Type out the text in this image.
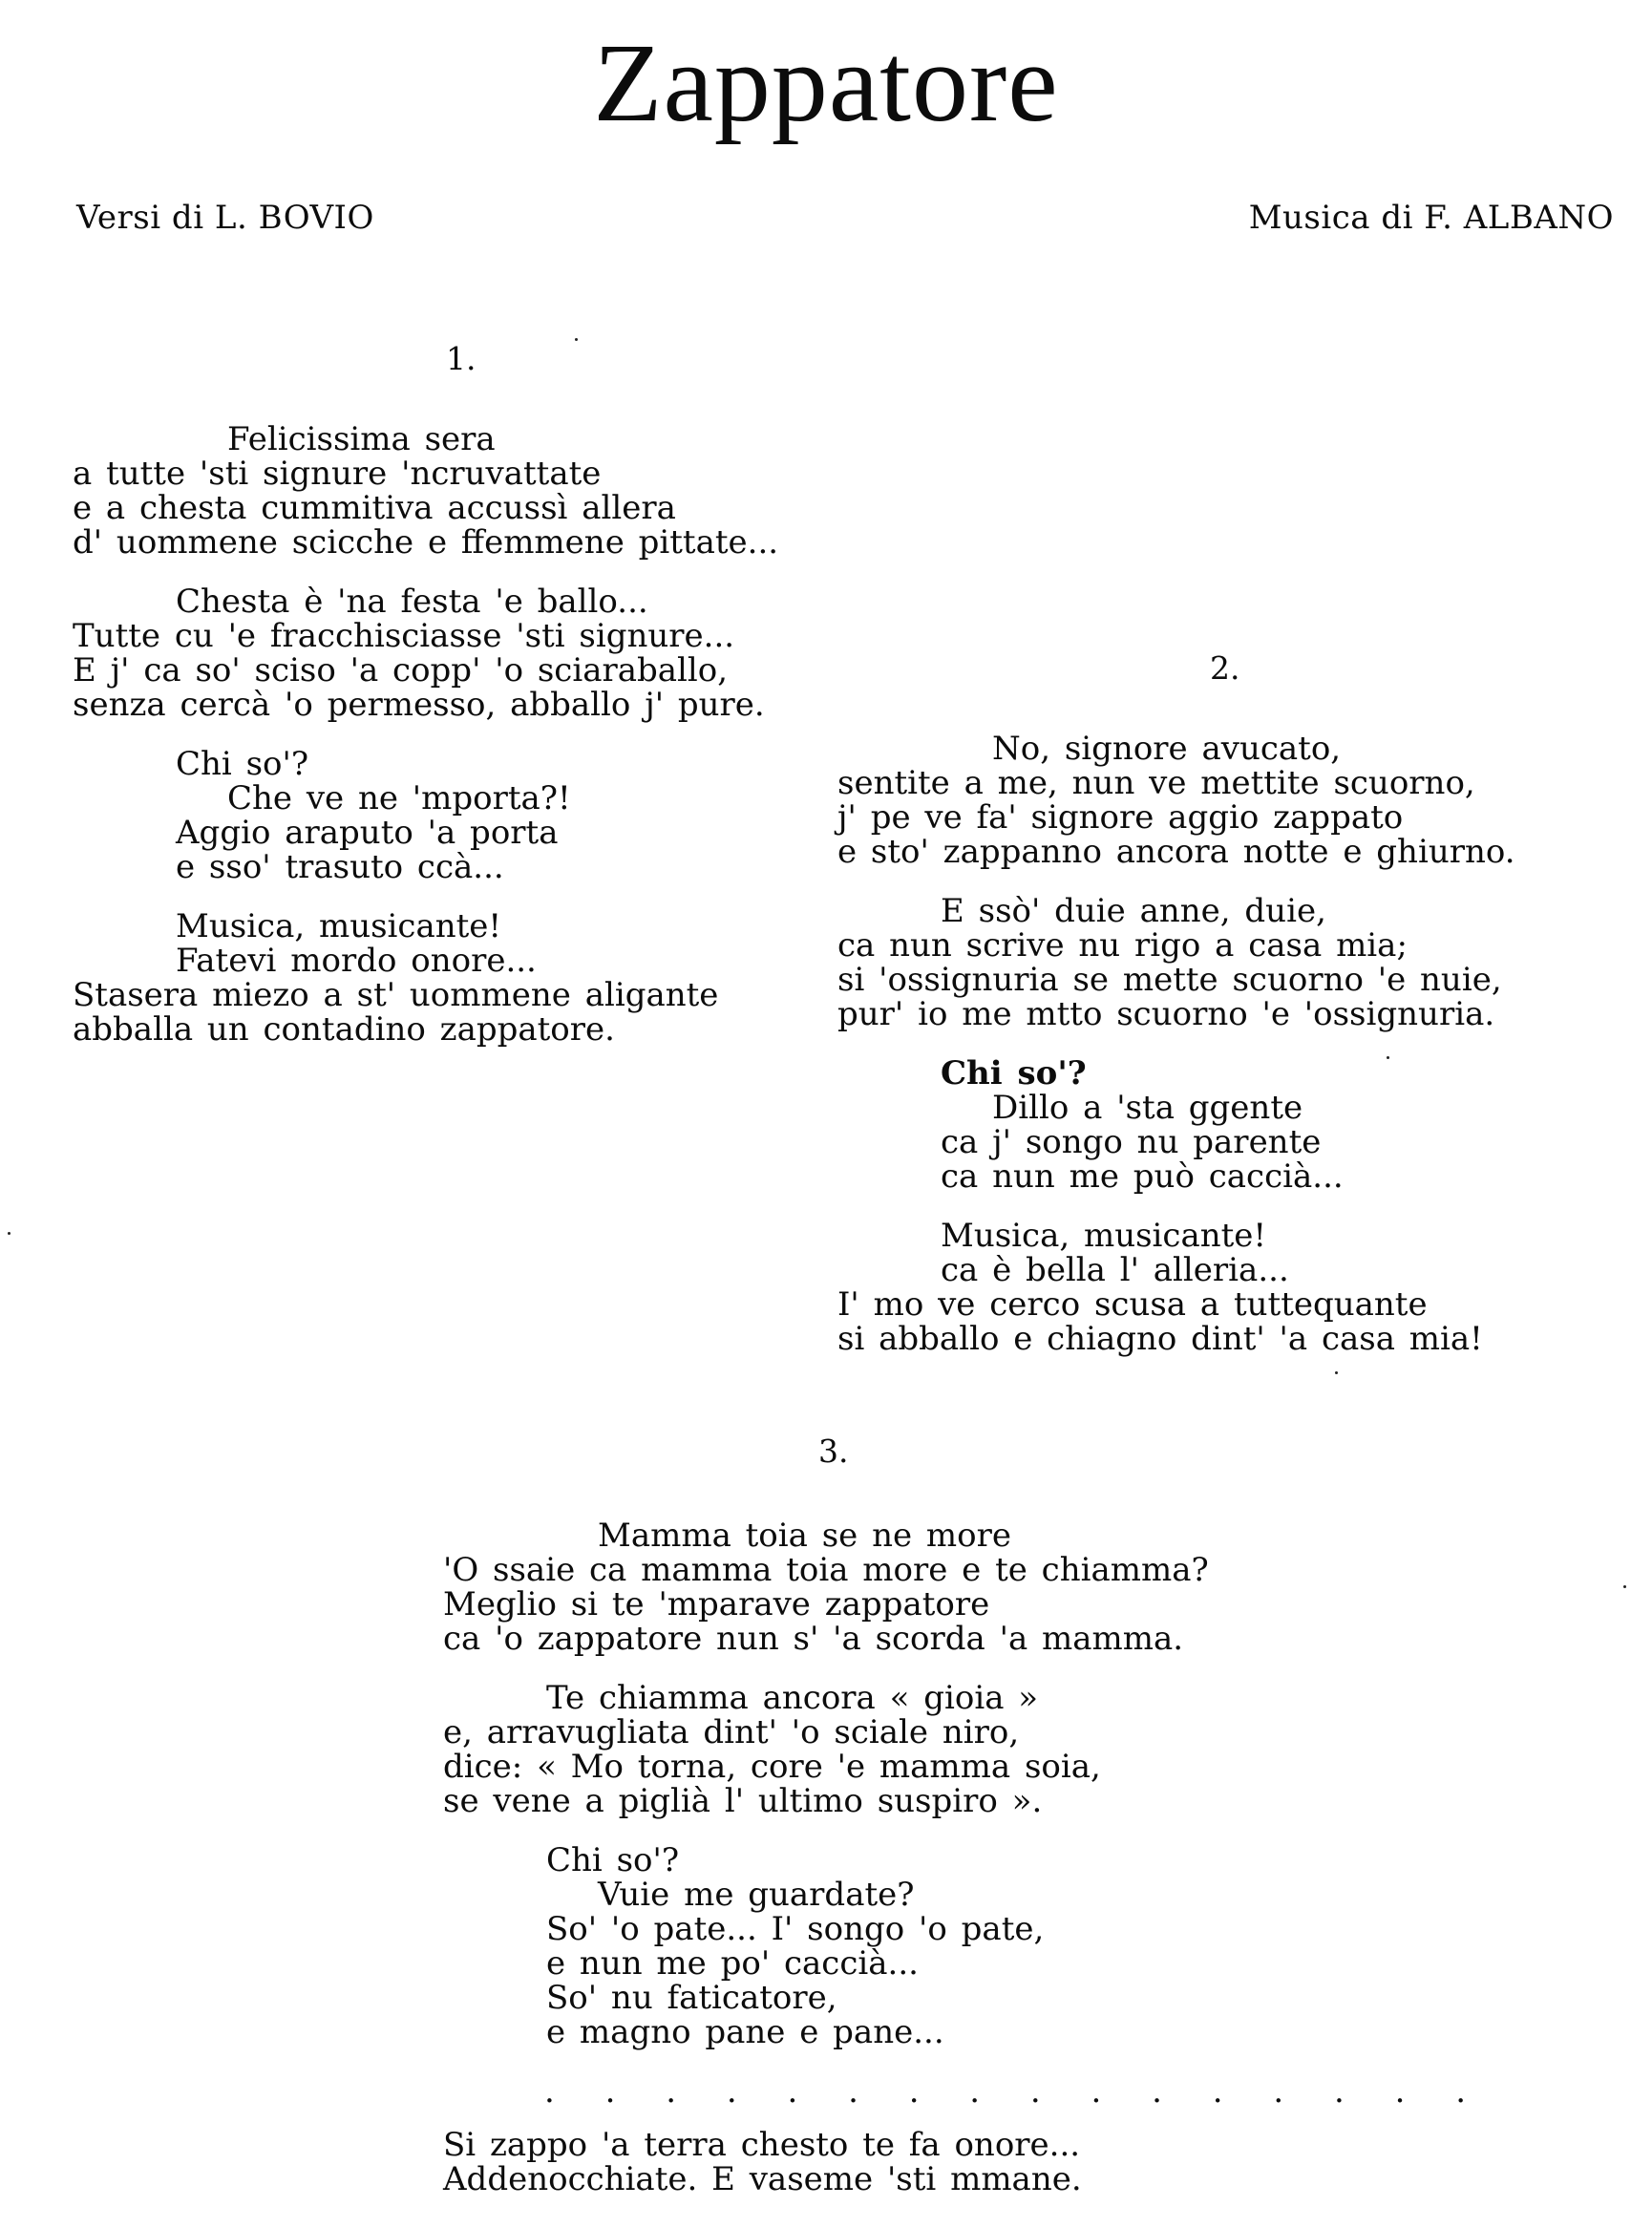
Zappatore
Versi di L. BOVIO	Musica di F. ALBANO
1.
Felicissima sera
a tutte 'sti signure 'ncruvattate
e a chesta cummitiva accussì allera
d' uommene scicche e ffemmene pittate...
Chesta è 'na festa 'e ballo...
Tutte cu 'e fracchisciasse 'sti signure...
E j' ca so' sciso 'a copp' 'o sciaraballo,
senza cercà 'o permesso, abballo j' pure.
Chi so'?
Che ve ne 'mporta?!
Aggio araputo 'a porta
e sso' trasuto ccà...
Musica, musicante!
Fatevi mordo onore...
Stasera miezo a st' uommene aligante
abballa un contadino zappatore.
2.
No, signore avucato,
sentite a me, nun ve mettite scuorno,
j' pe ve fa' signore aggio zappato
e sto' zappanno ancora notte e ghiurno.
E ssò' duie anne, duie,
ca nun scrive nu rigo a casa mia;
si 'ossignuria se mette scuorno 'e nuie,
pur' io me mtto scuorno 'e 'ossignuria.
Chi so'?
Dillo a 'sta ggente
ca j' songo nu parente
ca nun me può caccià...
Musica, musicante!
ca è bella l' alleria...
I' mo ve cerco scusa a tuttequante
si abballo e chiagno dint' 'a casa mia!
3.
Mamma toia se ne more
'O ssaie ca mamma toia more e te chiamma?
Meglio si te 'mparave zappatore
ca 'o zappatore nun s' 'a scorda 'a mamma.
Te chiamma ancora « gioia »
e, arravugliata dint' 'o sciale niro,
dice: « Mo torna, core 'e mamma soia,
se vene a piglià l' ultimo suspiro ».
Chi so'?
Vuie me guardate?
So' 'o pate... I' songo 'o pate,
e nun me po' caccià...
So' nu faticatore,
e magno pane e pane...
. . . . . . . . . . . . . . . .
Si zappo 'a terra chesto te fa onore...
Addenocchiate. E vaseme 'sti mmane.
